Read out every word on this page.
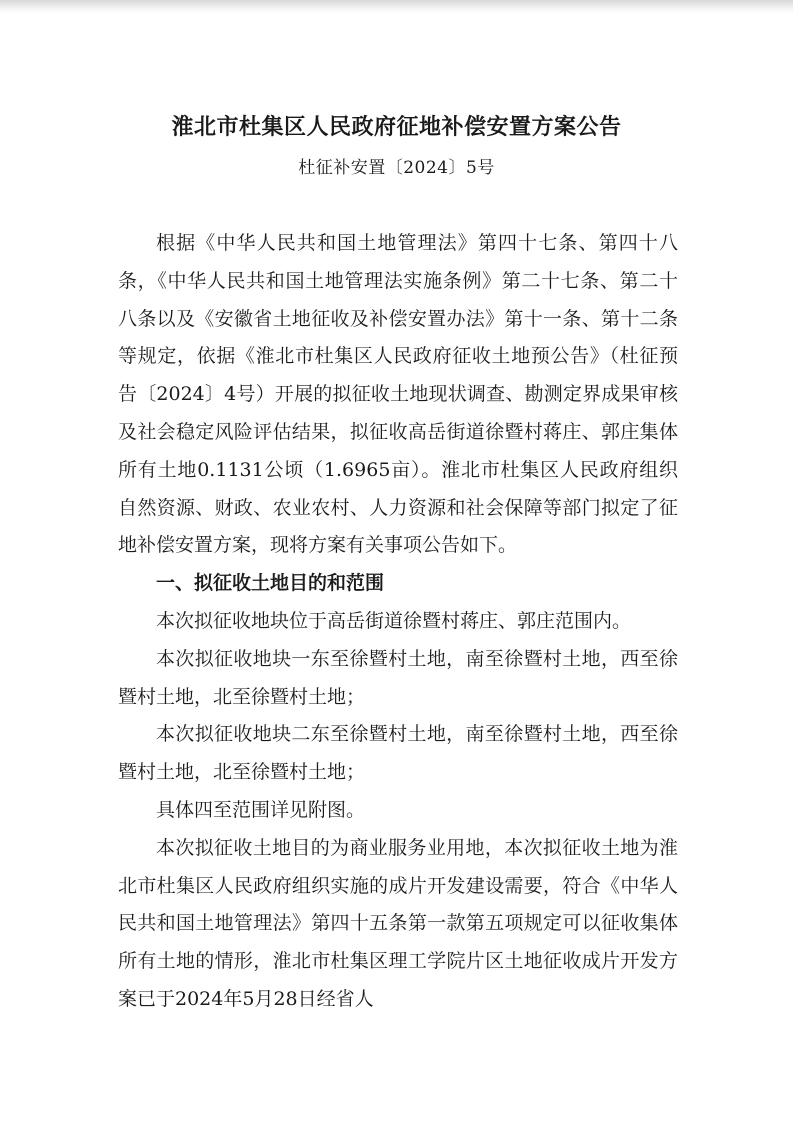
淮北市杜集区人民政府征地补偿安置方案公告
杜征补安置〔2024〕5号

根据《中华人民共和国土地管理法》第四十七条、第四十八条，《中华人民共和国土地管理法实施条例》第二十七条、第二十八条以及《安徽省土地征收及补偿安置办法》第十一条、第十二条等规定，依据《淮北市杜集区人民政府征收土地预公告》（杜征预告〔2024〕4号）开展的拟征收土地现状调查、勘测定界成果审核及社会稳定风险评估结果，拟征收高岳街道徐暨村蒋庄、郭庄集体所有土地0.1131公顷（1.6965亩）。淮北市杜集区人民政府组织自然资源、财政、农业农村、人力资源和社会保障等部门拟定了征地补偿安置方案，现将方案有关事项公告如下。

一、拟征收土地目的和范围

本次拟征收地块位于高岳街道徐暨村蒋庄、郭庄范围内。

本次拟征收地块一东至徐暨村土地，南至徐暨村土地，西至徐暨村土地，北至徐暨村土地；

本次拟征收地块二东至徐暨村土地，南至徐暨村土地，西至徐暨村土地，北至徐暨村土地；

具体四至范围详见附图。

本次拟征收土地目的为商业服务业用地，本次拟征收土地为淮北市杜集区人民政府组织实施的成片开发建设需要，符合《中华人民共和国土地管理法》第四十五条第一款第五项规定可以征收集体所有土地的情形，淮北市杜集区理工学院片区土地征收成片开发方案已于2024年5月28日经省人
